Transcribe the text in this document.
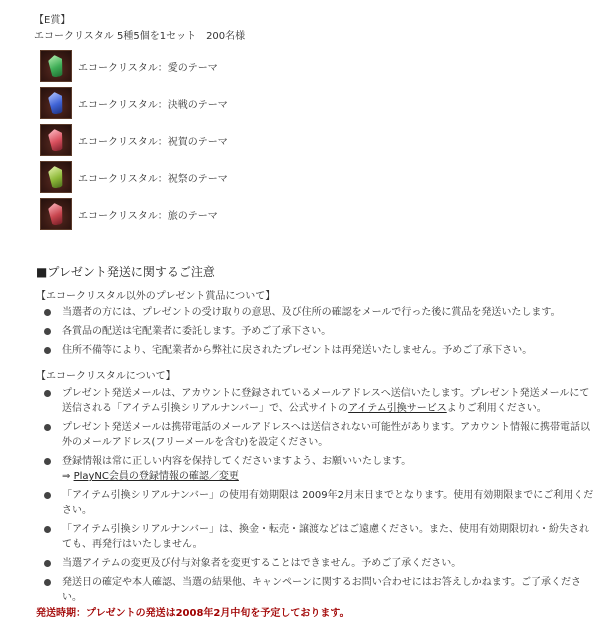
【E賞】
エコークリスタル 5種5個を1セット　200名様
エコークリスタル：愛のテーマ
エコークリスタル：決戦のテーマ
エコークリスタル：祝賀のテーマ
エコークリスタル：祝祭のテーマ
エコークリスタル：旅のテーマ
■プレゼント発送に関するご注意
【エコークリスタル以外のプレゼント賞品について】
当選者の方には、プレゼントの受け取りの意思、及び住所の確認をメールで行った後に賞品を発送いたします。
各賞品の配送は宅配業者に委託します。予めご了承下さい。
住所不備等により、宅配業者から弊社に戻されたプレゼントは再発送いたしません。予めご了承下さい。
【エコークリスタルについて】
プレゼント発送メールは、アカウントに登録されているメールアドレスへ送信いたします。プレゼント発送メールにて送信される「アイテム引換シリアルナンバー」で、公式サイトのアイテム引換サービスよりご利用ください。
プレゼント発送メールは携帯電話のメールアドレスへは送信されない可能性があります。アカウント情報に携帯電話以外のメールアドレス(フリーメールを含む)を設定ください。
登録情報は常に正しい内容を保持してくださいますよう、お願いいたします。
⇒ PlayNC会員の登録情報の確認／変更
「アイテム引換シリアルナンバー」の使用有効期限は 2009年2月末日までとなります。使用有効期限までにご利用ください。
「アイテム引換シリアルナンバー」は、換金・転売・譲渡などはご遠慮ください。また、使用有効期限切れ・紛失されても、再発行はいたしません。
当選アイテムの変更及び付与対象者を変更することはできません。予めご了承ください。
発送日の確定や本人確認、当選の結果他、キャンペーンに関するお問い合わせにはお答えしかねます。ご了承ください。
発送時期：プレゼントの発送は2008年2月中旬を予定しております。
